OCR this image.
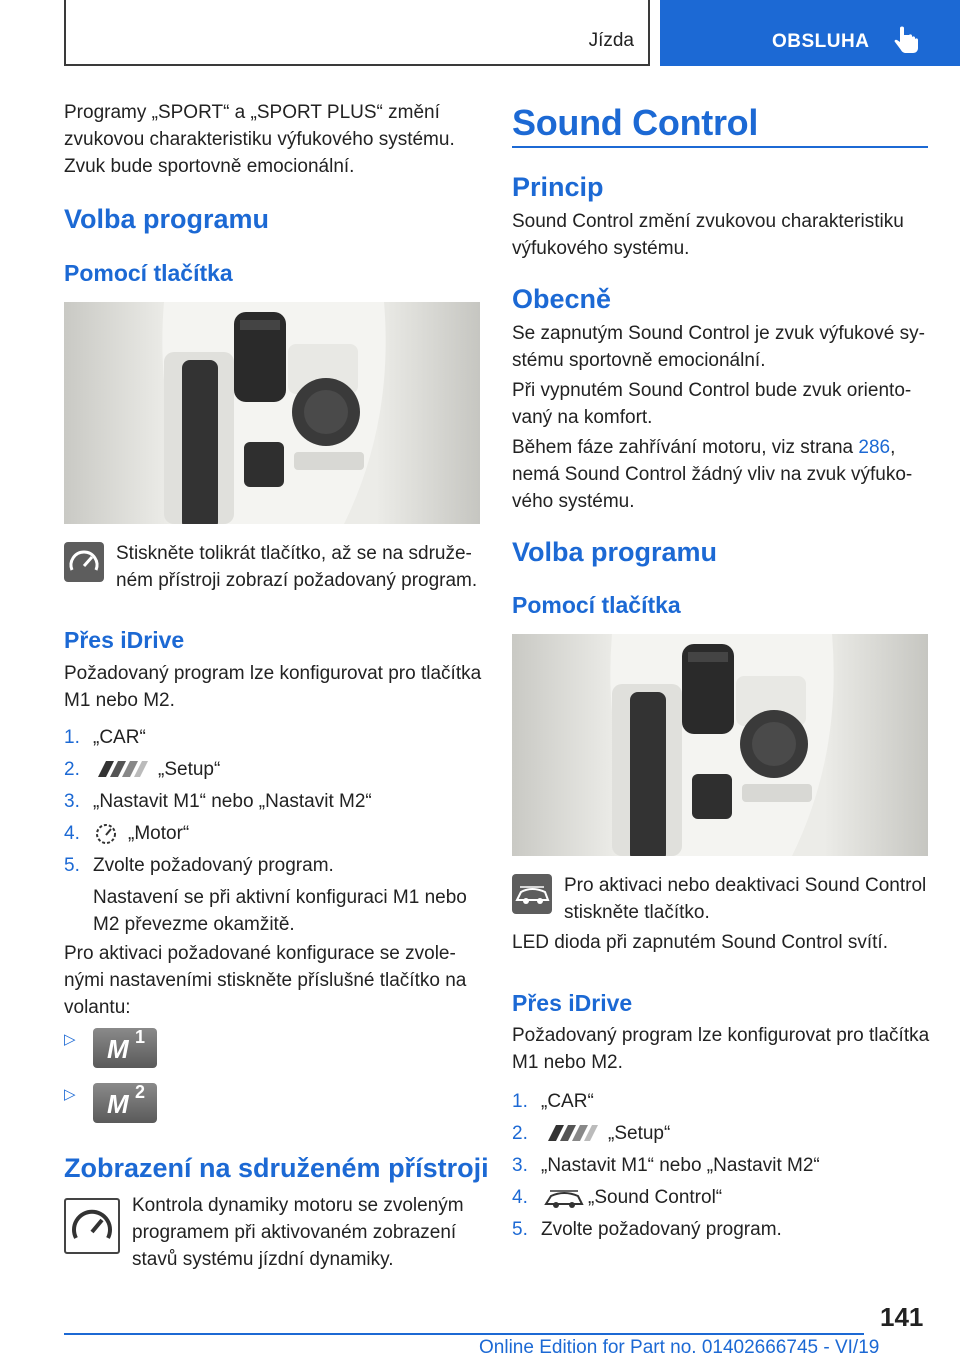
Jízda	OBSLUHA
Programy „SPORT“ a „SPORT PLUS“ změní
zvukovou charakteristiku výfukového systému.
Zvuk bude sportovně emocionální.
Volba programu
Pomocí tlačítka
Stiskněte tolikrát tlačítko, až se na sdruže‐
ném přístroji zobrazí požadovaný program.
Přes iDrive
Požadovaný program lze konfigurovat pro tlačítka
M1 nebo M2.
1. „CAR“
2.	„Setup“
3. „Nastavit M1“ nebo „Nastavit M2“
4.	„Motor“
5. Zvolte požadovaný program.
Nastavení se při aktivní konfiguraci M1 nebo
M2 převezme okamžitě.
Pro aktivaci požadované konfigurace se zvole‐
nými nastaveními stiskněte příslušné tlačítko na
volantu:
▷ M 1
▷ M 2
Zobrazení na sdruženém přístroji
Kontrola dynamiky motoru se zvoleným
programem při aktivovaném zobrazení
stavů systému jízdní dynamiky.
Sound Control
Princip
Sound Control změní zvukovou charakteristiku
výfukového systému.
Obecně
Se zapnutým Sound Control je zvuk výfukové sy‐
stému sportovně emocionální.
Při vypnutém Sound Control bude zvuk oriento‐
vaný na komfort.
Během fáze zahřívání motoru, viz strana 286,
nemá Sound Control žádný vliv na zvuk výfuko‐
vého systému.
Volba programu
Pomocí tlačítka
Pro aktivaci nebo deaktivaci Sound Control
stiskněte tlačítko.
LED dioda při zapnutém Sound Control svítí.
Přes iDrive
Požadovaný program lze konfigurovat pro tlačítka
M1 nebo M2.
1. „CAR“
2.	„Setup“
3. „Nastavit M1“ nebo „Nastavit M2“
4.	„Sound Control“
5. Zvolte požadovaný program.
141
Online Edition for Part no. 01402666745 - VI/19
